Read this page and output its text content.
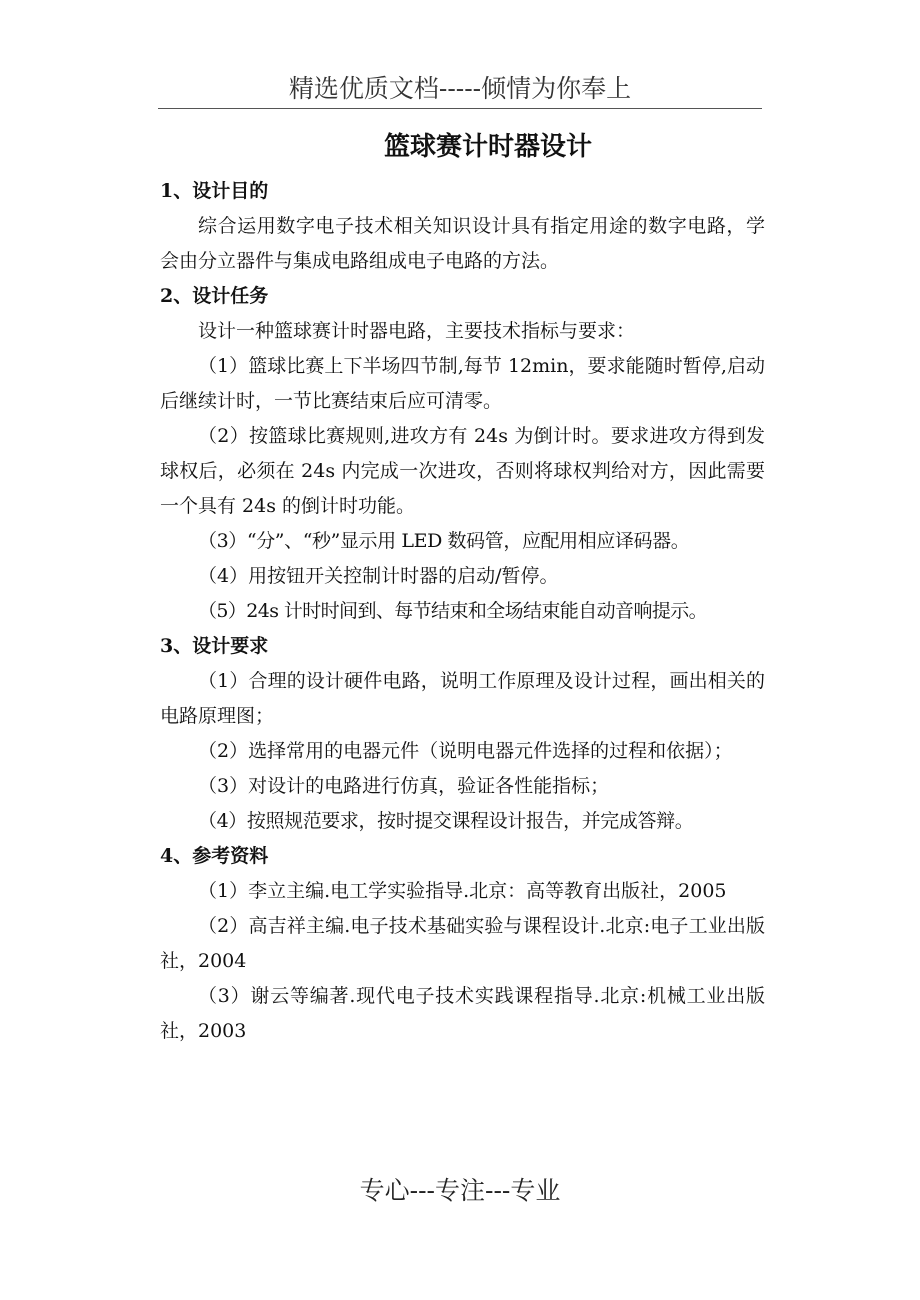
精选优质文档-----倾情为你奉上
篮球赛计时器设计
1、设计目的
综合运用数字电子技术相关知识设计具有指定用途的数字电路，学会由分立器件与集成电路组成电子电路的方法。
2、设计任务
设计一种篮球赛计时器电路，主要技术指标与要求：
（1）篮球比赛上下半场四节制,每节 12min，要求能随时暂停,启动后继续计时，一节比赛结束后应可清零。
（2）按篮球比赛规则,进攻方有 24s 为倒计时。要求进攻方得到发球权后，必须在 24s 内完成一次进攻，否则将球权判给对方，因此需要一个具有 24s 的倒计时功能。
（3）“分”、“秒”显示用 LED 数码管，应配用相应译码器。
（4）用按钮开关控制计时器的启动/暂停。
（5）24s 计时时间到、每节结束和全场结束能自动音响提示。
3、设计要求
（1）合理的设计硬件电路，说明工作原理及设计过程，画出相关的电路原理图；
（2）选择常用的电器元件（说明电器元件选择的过程和依据）；
（3）对设计的电路进行仿真，验证各性能指标；
（4）按照规范要求，按时提交课程设计报告，并完成答辩。
4、参考资料
（1）李立主编.电工学实验指导.北京：高等教育出版社，2005
（2）高吉祥主编.电子技术基础实验与课程设计.北京:电子工业出版社，2004
（3）谢云等编著.现代电子技术实践课程指导.北京:机械工业出版社，2003
专心---专注---专业
